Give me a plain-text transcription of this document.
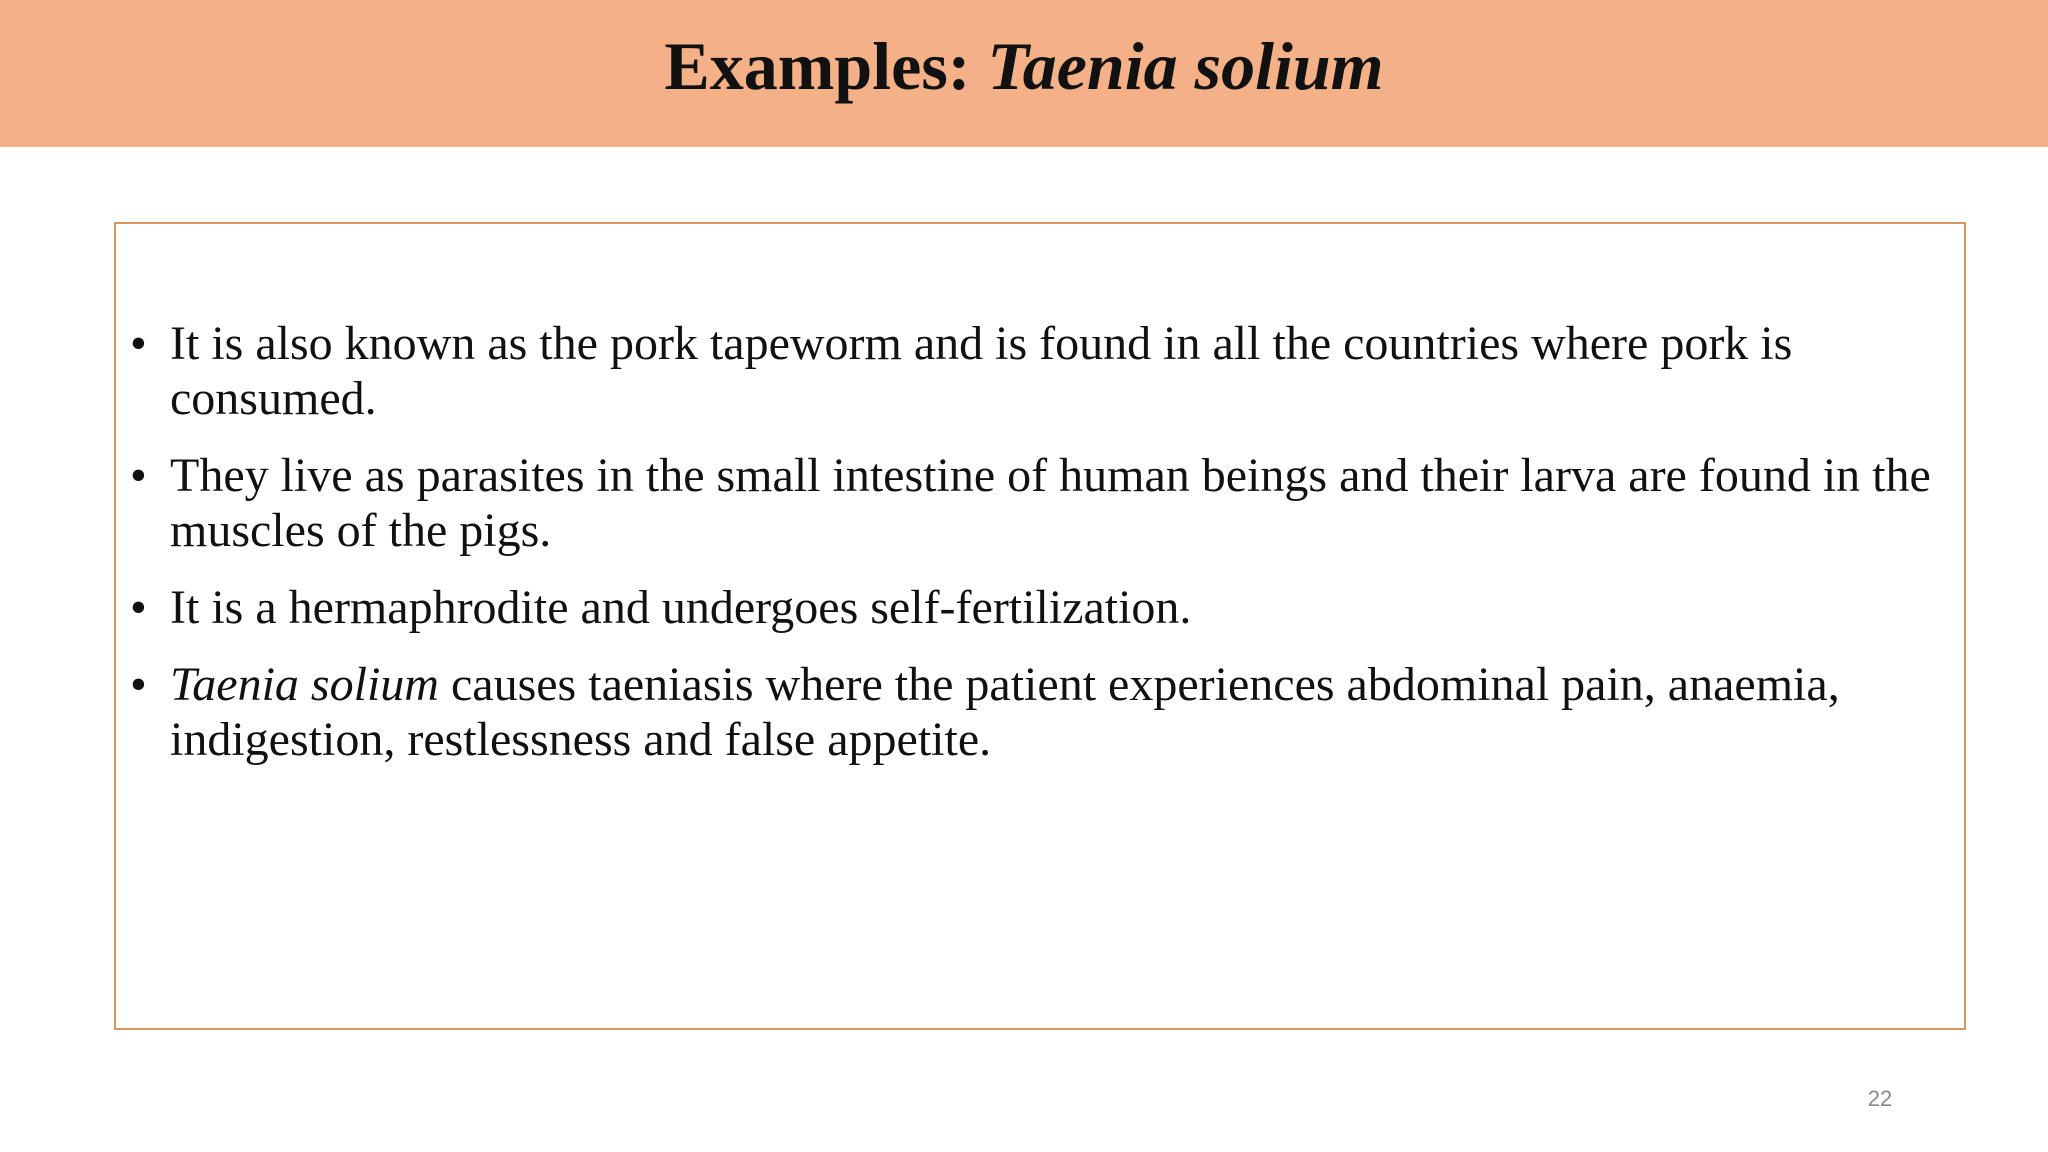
Examples: Taenia solium
• It is also known as the pork tapeworm and is found in all the countries where pork is consumed.
• They live as parasites in the small intestine of human beings and their larva are found in the muscles of the pigs.
• It is a hermaphrodite and undergoes self-fertilization.
• Taenia solium causes taeniasis where the patient experiences abdominal pain, anaemia, indigestion, restlessness and false appetite.
22
